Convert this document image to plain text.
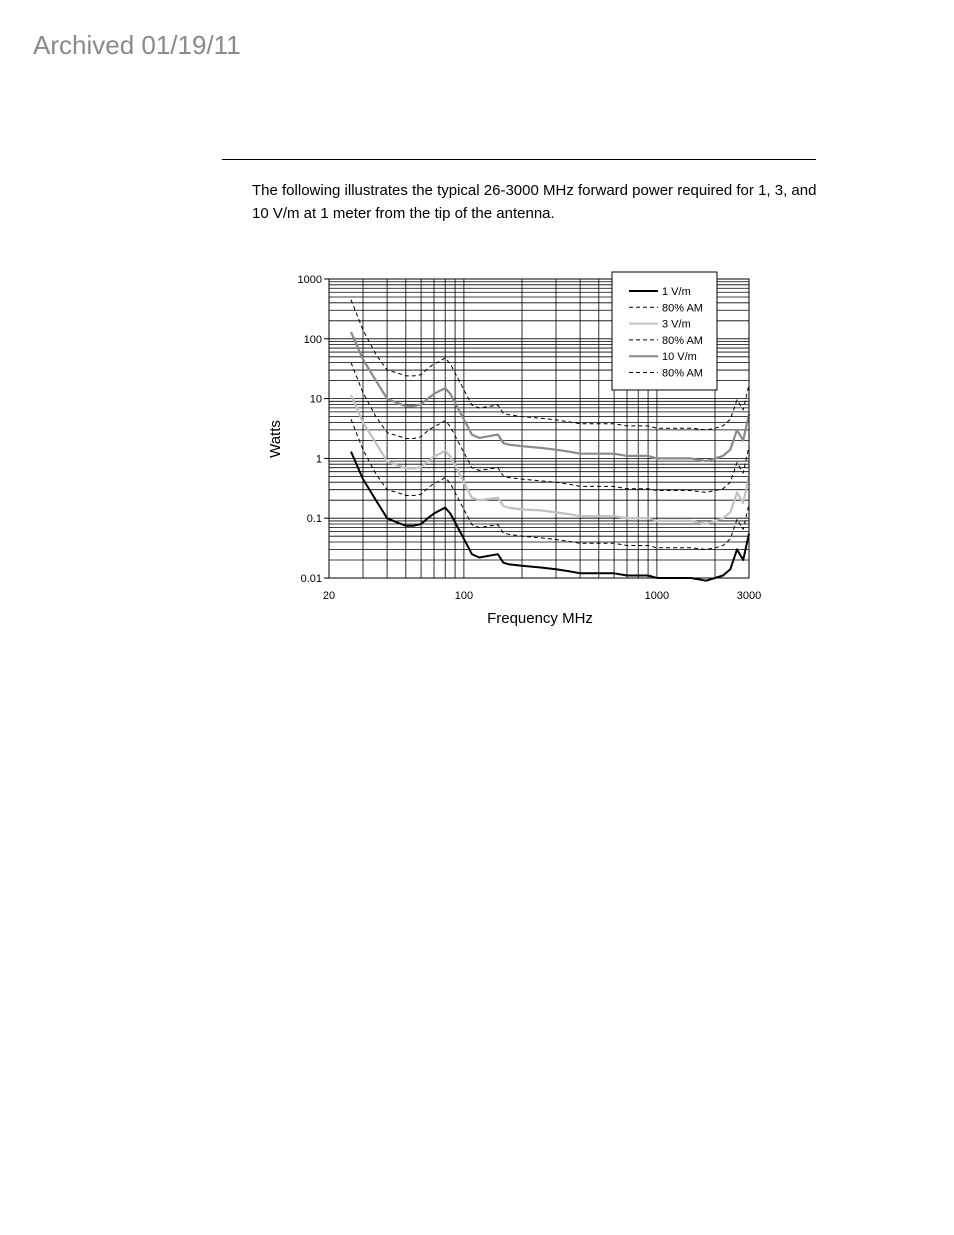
Archived 01/19/11
The following illustrates the typical 26-3000 MHz forward power required for 1, 3, and 10 V/m at 1 meter from the tip of the antenna.
1000
100
10
1
0.1
0.01
20	100	1000	3000
Watts
Frequency MHz
1 V/m
80% AM
3 V/m
80% AM
10 V/m
80% AM
